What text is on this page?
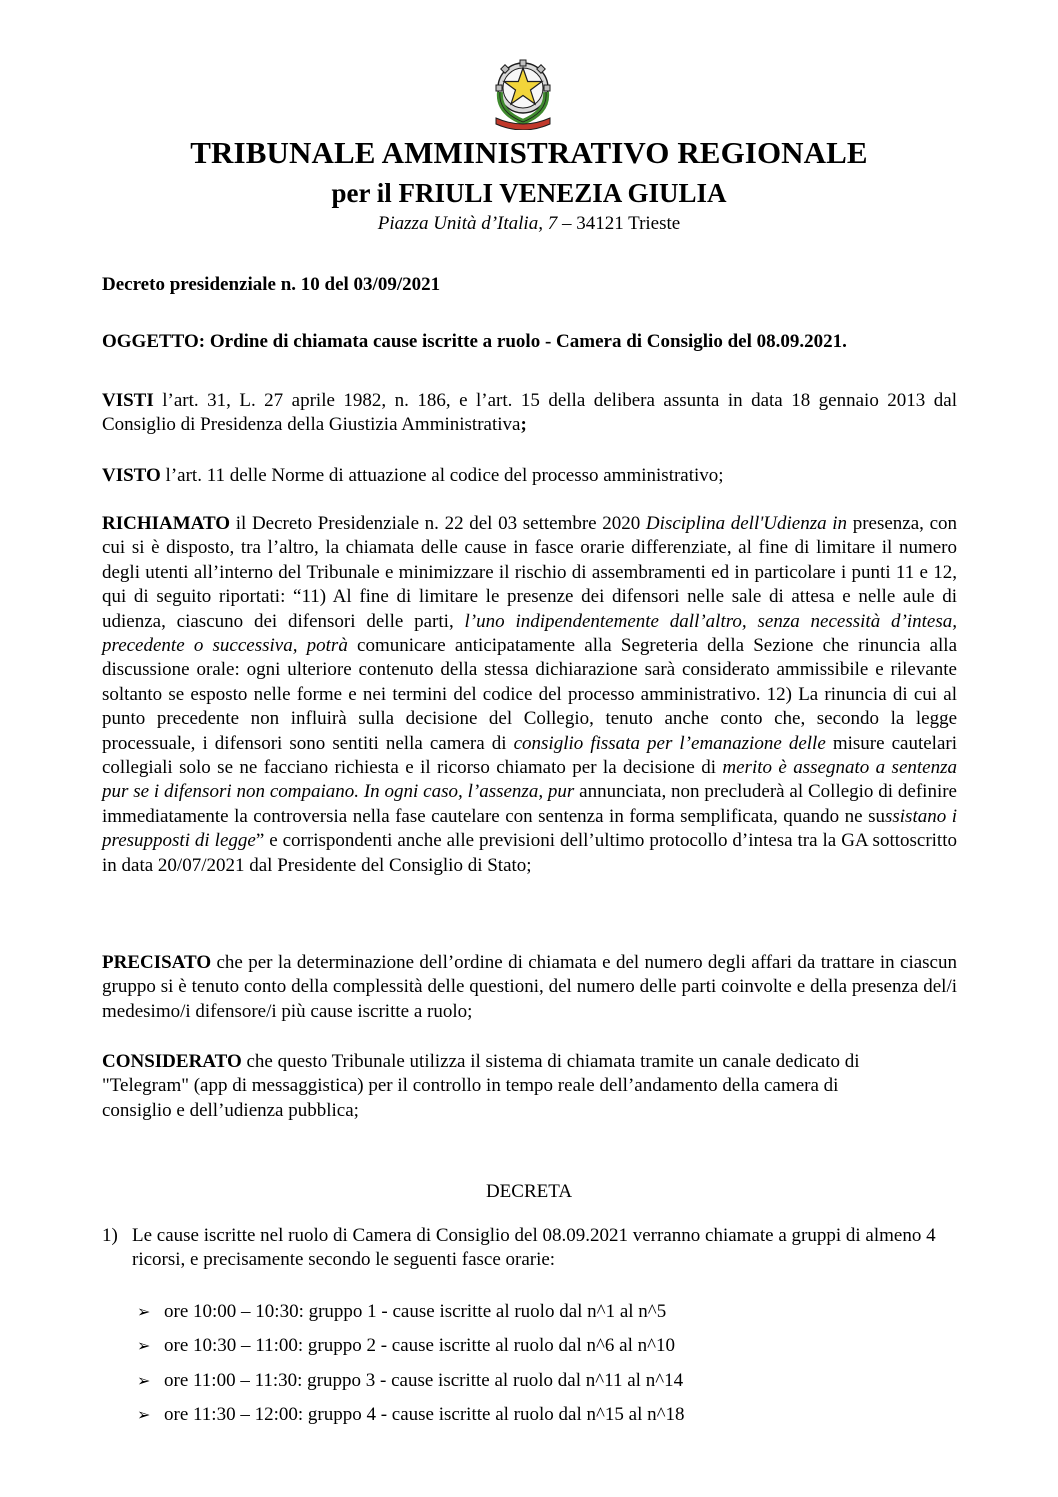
TRIBUNALE AMMINISTRATIVO REGIONALE
per il FRIULI VENEZIA GIULIA
Piazza Unità d’Italia, 7 – 34121 Trieste

Decreto presidenziale n. 10 del 03/09/2021

OGGETTO: Ordine di chiamata cause iscritte a ruolo - Camera di Consiglio del 08.09.2021.

VISTI l’art. 31, L. 27 aprile 1982, n. 186, e l’art. 15 della delibera assunta in data 18 gennaio 2013 dal Consiglio di Presidenza della Giustizia Amministrativa;

VISTO l’art. 11 delle Norme di attuazione al codice del processo amministrativo;

RICHIAMATO il Decreto Presidenziale n. 22 del 03 settembre 2020 Disciplina dell'Udienza in presenza, con cui si è disposto, tra l’altro, la chiamata delle cause in fasce orarie differenziate, al fine di limitare il numero degli utenti all’interno del Tribunale e minimizzare il rischio di assembramenti ed in particolare i punti 11 e 12, qui di seguito riportati: “11) Al fine di limitare le presenze dei difensori nelle sale di attesa e nelle aule di udienza, ciascuno dei difensori delle parti, l’uno indipendentemente dall’altro, senza necessità d’intesa, precedente o successiva, potrà comunicare anticipatamente alla Segreteria della Sezione che rinuncia alla discussione orale: ogni ulteriore contenuto della stessa dichiarazione sarà considerato ammissibile e rilevante soltanto se esposto nelle forme e nei termini del codice del processo amministrativo. 12) La rinuncia di cui al punto precedente non influirà sulla decisione del Collegio, tenuto anche conto che, secondo la legge processuale, i difensori sono sentiti nella camera di consiglio fissata per l’emanazione delle misure cautelari collegiali solo se ne facciano richiesta e il ricorso chiamato per la decisione di merito è assegnato a sentenza pur se i difensori non compaiano. In ogni caso, l’assenza, pur annunciata, non precluderà al Collegio di definire immediatamente la controversia nella fase cautelare con sentenza in forma semplificata, quando ne sussistano i presupposti di legge” e corrispondenti anche alle previsioni dell’ultimo protocollo d’intesa tra la GA sottoscritto in data 20/07/2021 dal Presidente del Consiglio di Stato;

PRECISATO che per la determinazione dell’ordine di chiamata e del numero degli affari da trattare in ciascun gruppo si è tenuto conto della complessità delle questioni, del numero delle parti coinvolte e della presenza del/i medesimo/i difensore/i più cause iscritte a ruolo;

CONSIDERATO che questo Tribunale utilizza il sistema di chiamata tramite un canale dedicato di
"Telegram" (app di messaggistica) per il controllo in tempo reale dell’andamento della camera di
consiglio e dell’udienza pubblica;
DECRETA
1) Le cause iscritte nel ruolo di Camera di Consiglio del 08.09.2021 verranno chiamate a gruppi di almeno 4 ricorsi, e precisamente secondo le seguenti fasce orarie:
➢ ore 10:00 – 10:30: gruppo 1 - cause iscritte al ruolo dal n^1 al n^5
➢ ore 10:30 – 11:00: gruppo 2 - cause iscritte al ruolo dal n^6 al n^10
➢ ore 11:00 – 11:30: gruppo 3 - cause iscritte al ruolo dal n^11 al n^14
➢ ore 11:30 – 12:00: gruppo 4 - cause iscritte al ruolo dal n^15 al n^18
